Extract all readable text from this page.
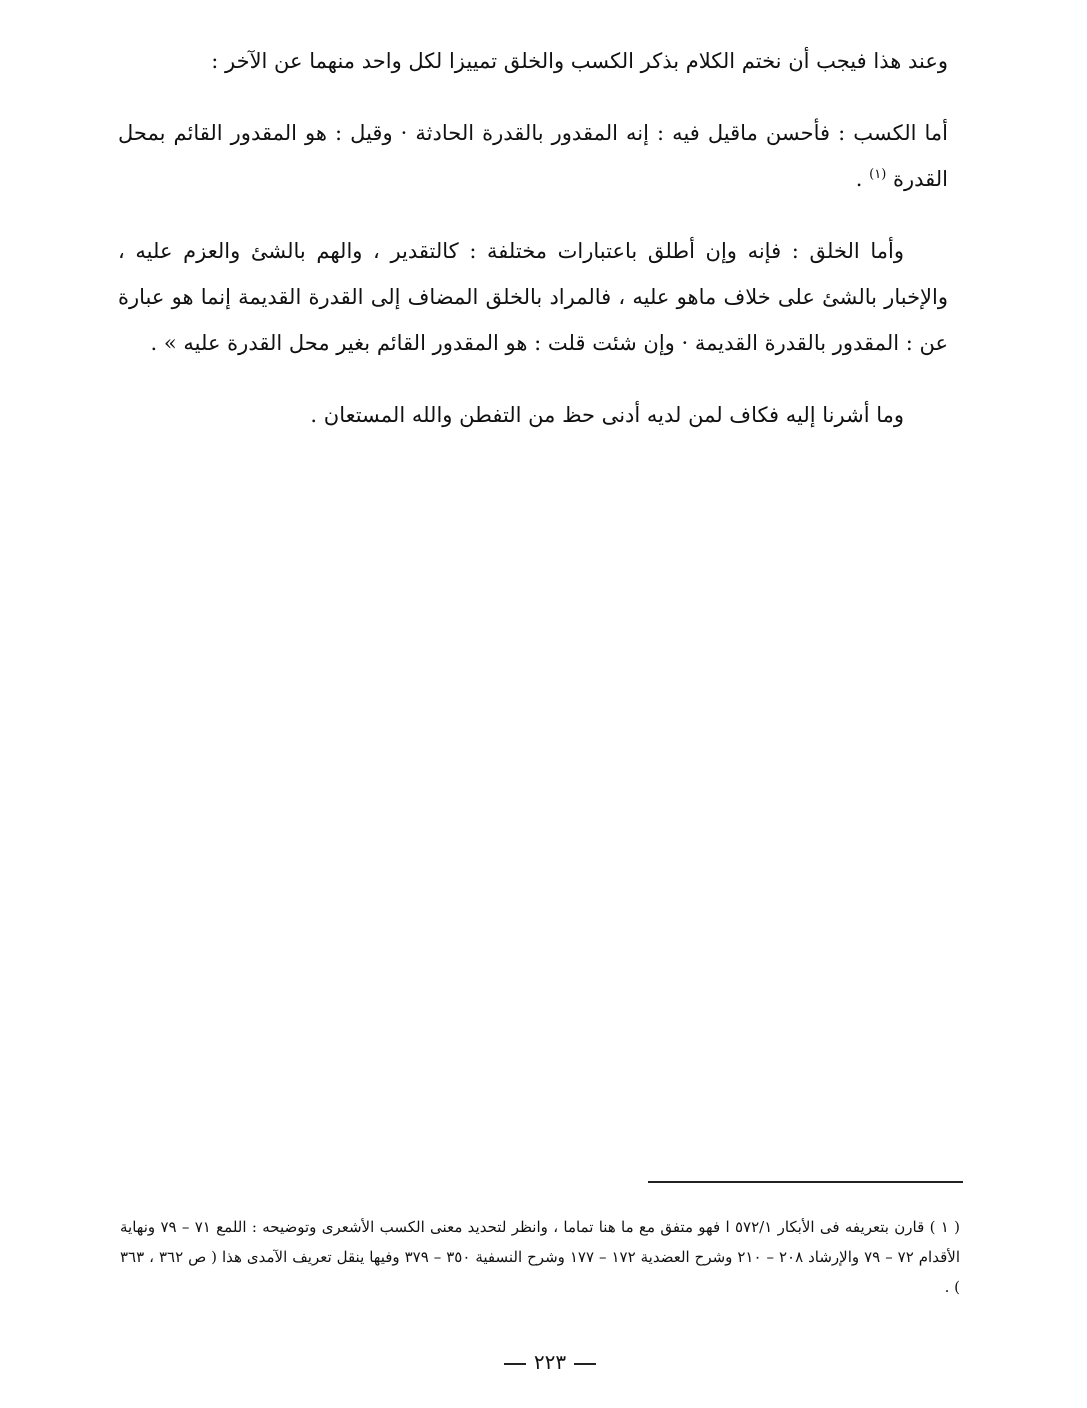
وعند هذا فيجب أن نختم الكلام بذكر الكسب والخلق تمييزا لكل واحد منهما عن الآخر :

أما الكسب : فأحسن ماقيل فيه : إنه المقدور بالقدرة الحادثة · وقيل : هو المقدور القائم بمحل القدرة $^{(١)}$ .

وأما الخلق : فإنه وإن أطلق باعتبارات مختلفة : كالتقدير ، والهم بالشئ والعزم عليه ، والإخبار بالشئ على خلاف ماهو عليه ، فالمراد بالخلق المضاف إلى القدرة القديمة إنما هو عبارة عن : المقدور بالقدرة القديمة · وإن شئت قلت : هو المقدور القائم بغير محل القدرة عليه » .

وما أشرنا إليه فكاف لمن لديه أدنى حظ من التفطن والله المستعان .

( ١ ) قارن بتعريفه فى الأبكار ٥٧٢/١ ا فهو متفق مع ما هنا تماما ، وانظر لتحديد معنى الكسب الأشعرى وتوضيحه : اللمع ٧١ – ٧٩ ونهاية الأقدام ٧٢ – ٧٩ والإرشاد ٢٠٨ – ٢١٠ وشرح العضدية ١٧٢ – ١٧٧ وشرح النسفية ٣٥٠ – ٣٧٩ وفيها ينقل تعريف الآمدى هذا ( ص ٣٦٢ ، ٣٦٣ ) .

٢٢٣
